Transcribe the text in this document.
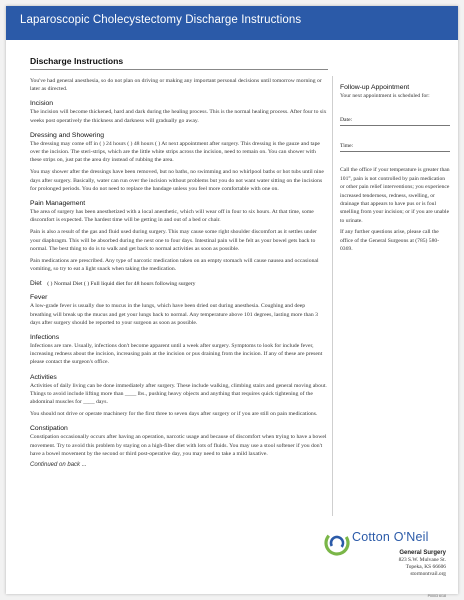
Laparoscopic Cholecystectomy Discharge Instructions
Discharge Instructions

You've had general anesthesia, so do not plan on driving or making any important personal decisions until tomorrow morning or later as directed.

Incision

The incision will become thickened, hard and dark during the healing process. This is the normal healing process. After four to six weeks post operatively the thickness and darkness will gradually go away.

Dressing and Showering

The dressing may come off in ( ) 24 hours ( ) 48 hours ( ) At next appointment after surgery. This dressing is the gauze and tape over the incision. The steri-strips, which are the little white strips across the incision, need to remain on. You can shower with these strips on, just pat the area dry instead of rubbing the area.

You may shower after the dressings have been removed, but no baths, no swimming and no whirlpool baths or hot tubs until nine days after surgery. Basically, water can run over the incision without problems but you do not want water sitting on the incisions for prolonged periods. You do not need to replace the bandage unless you feel more comfortable with one on.

Pain Management

The area of surgery has been anesthetized with a local anesthetic, which will wear off in four to six hours. At that time, some discomfort is expected. The hardest time will be getting in and out of a bed or chair.

Pain is also a result of the gas and fluid used during surgery. This may cause some right shoulder discomfort as it settles under your diaphragm. This will be absorbed during the next one to four days. Intestinal pain will be felt as your bowel gets back to normal. The best thing to do is to walk and get back to normal activities as soon as possible.

Pain medications are prescribed. Any type of narcotic medication taken on an empty stomach will cause nausea and occasional vomiting, so try to eat a light snack when taking the medication.

Diet ( ) Normal Diet ( ) Full liquid diet for 48 hours following surgery
Fever

A low-grade fever is usually due to mucus in the lungs, which have been dried out during anesthesia. Coughing and deep breathing will break up the mucus and get your lungs back to normal. Any temperature above 101 degrees, lasting more than 3 days after surgery should be reported to your surgeon as soon as possible.

Infections

Infections are rare. Usually, infections don't become apparent until a week after surgery. Symptoms to look for include fever, increasing redness about the incision, increasing pain at the incision or pus draining from the incision. If any of these are present please contact the surgeon's office.

Activities

Activities of daily living can be done immediately after surgery. These include walking, climbing stairs and general moving about. Things to avoid include lifting more than ____ lbs., pushing heavy objects and anything that requires quick tightening of the abdominal muscles for ____ days.

You should not drive or operate machinery for the first three to seven days after surgery or if you are still on pain medications.

Constipation

Constipation occasionally occurs after having an operation, narcotic usage and because of discomfort when trying to have a bowel movement. Try to avoid this problem by staying on a high-fiber diet with lots of fluids. You may use a stool softener if you don't have a bowel movement by the second or third post-operative day, you may need to take a mild laxative.

Continued on back ...
Follow-up Appointment

Your next appointment is scheduled for:

Date:
Time:

Call the office if your temperature is greater than 101°, pain is not controlled by pain medication or other pain relief interventions; you experience increased tenderness, redness, swelling, or drainage that appears to have pus or is foul smelling from your incision; or if you are unable to urinate.

If any further questions arise, please call the office of the General Surgeons at (785) 580-0369.

Cotton O'Neil
General Surgery
823 S.W. Mulvane St.
Topeka, KS 66606
stormontvail.org
P0003 6/18
